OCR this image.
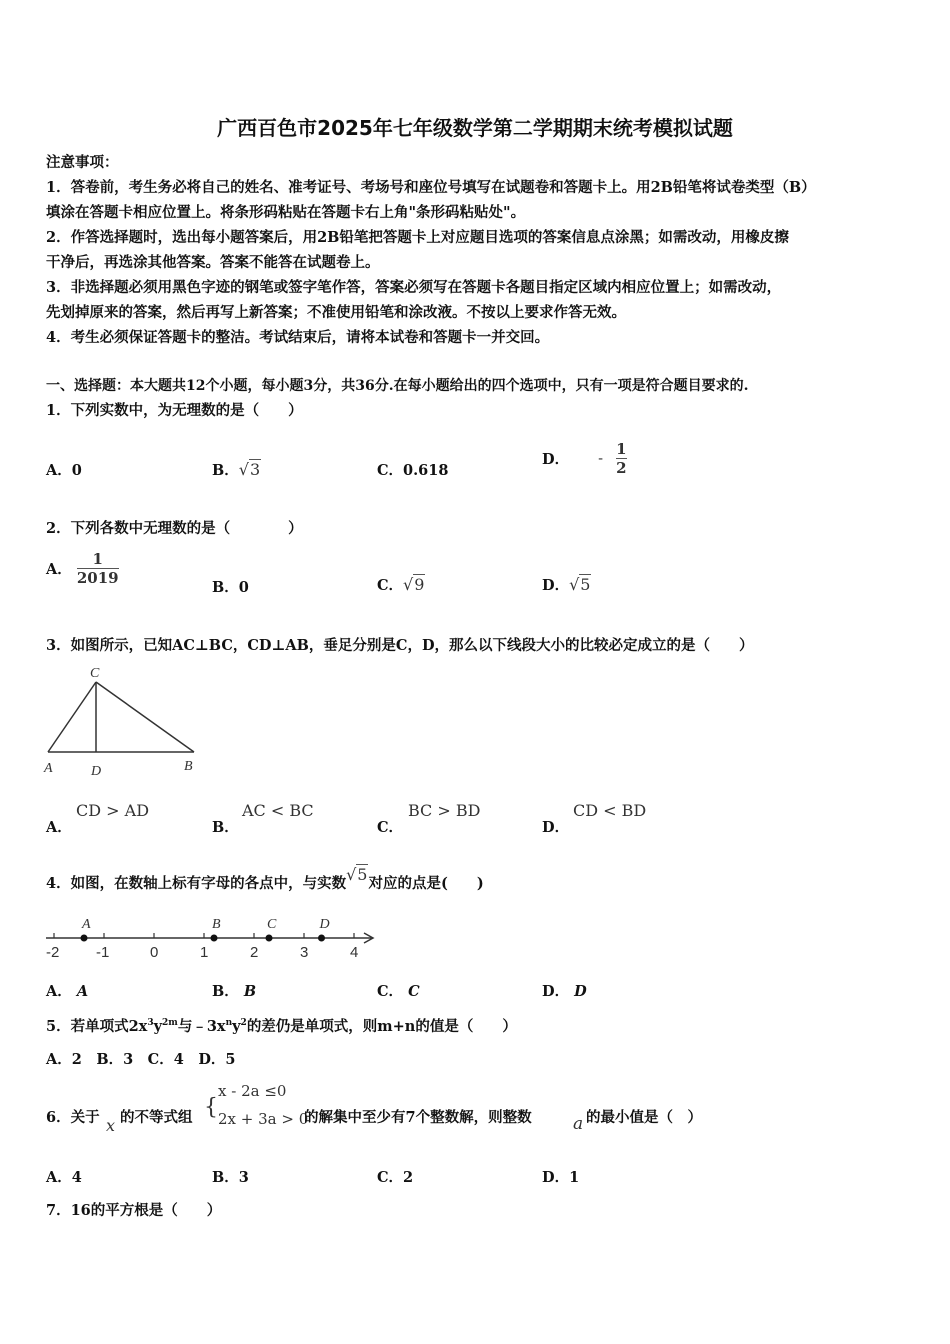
广西百色市2025年七年级数学第二学期期末统考模拟试题
注意事项：
1．答卷前，考生务必将自己的姓名、准考证号、考场号和座位号填写在试题卷和答题卡上。用2B铅笔将试卷类型（B）
填涂在答题卡相应位置上。将条形码粘贴在答题卡右上角"条形码粘贴处"。
2．作答选择题时，选出每小题答案后，用2B铅笔把答题卡上对应题目选项的答案信息点涂黑；如需改动，用橡皮擦
干净后，再选涂其他答案。答案不能答在试题卷上。
3．非选择题必须用黑色字迹的钢笔或签字笔作答，答案必须写在答题卡各题目指定区域内相应位置上；如需改动，
先划掉原来的答案，然后再写上新答案；不准使用铅笔和涂改液。不按以上要求作答无效。
4．考生必须保证答题卡的整洁。考试结束后，请将本试卷和答题卡一并交回。
一、选择题：本大题共12个小题，每小题3分，共36分.在每小题给出的四个选项中，只有一项是符合题目要求的.
1．下列实数中，为无理数的是（　　）
A．0	B．√3	C．0.618
D． - $\frac{1}{2}$
2．下列各数中无理数的是（　　　　）
A． $\frac{1}{2019}$
B．0	C．√9	D．√5
3．如图所示，已知AC⊥BC，CD⊥AB，垂足分别是C，D，那么以下线段大小的比较必定成立的是（　　）
C
A	D	B
A．
CD > AD
B．
AC < BC
C．
BC > BD
D．
CD < BD
4．如图，在数轴上标有字母的各点中，与实数√5对应的点是(　　)
-2 -1	0	1	2	3	4
A	B	C	D
A． A	B． B	C． C	D． D
5．若单项式$2x^3y^{2m}$与$﹣3x^ny^2$的差仍是单项式，则m+n的值是（　　）
A．2　B．3　C．4　D．5
6．关于 x 的不等式组 {
x - 2a ≤0
2x + 3a > 0
的解集中至少有7个整数解，则整数 a 的最小值是（　）
A．4	B．3	C．2	D．1
7．16的平方根是（　　）
